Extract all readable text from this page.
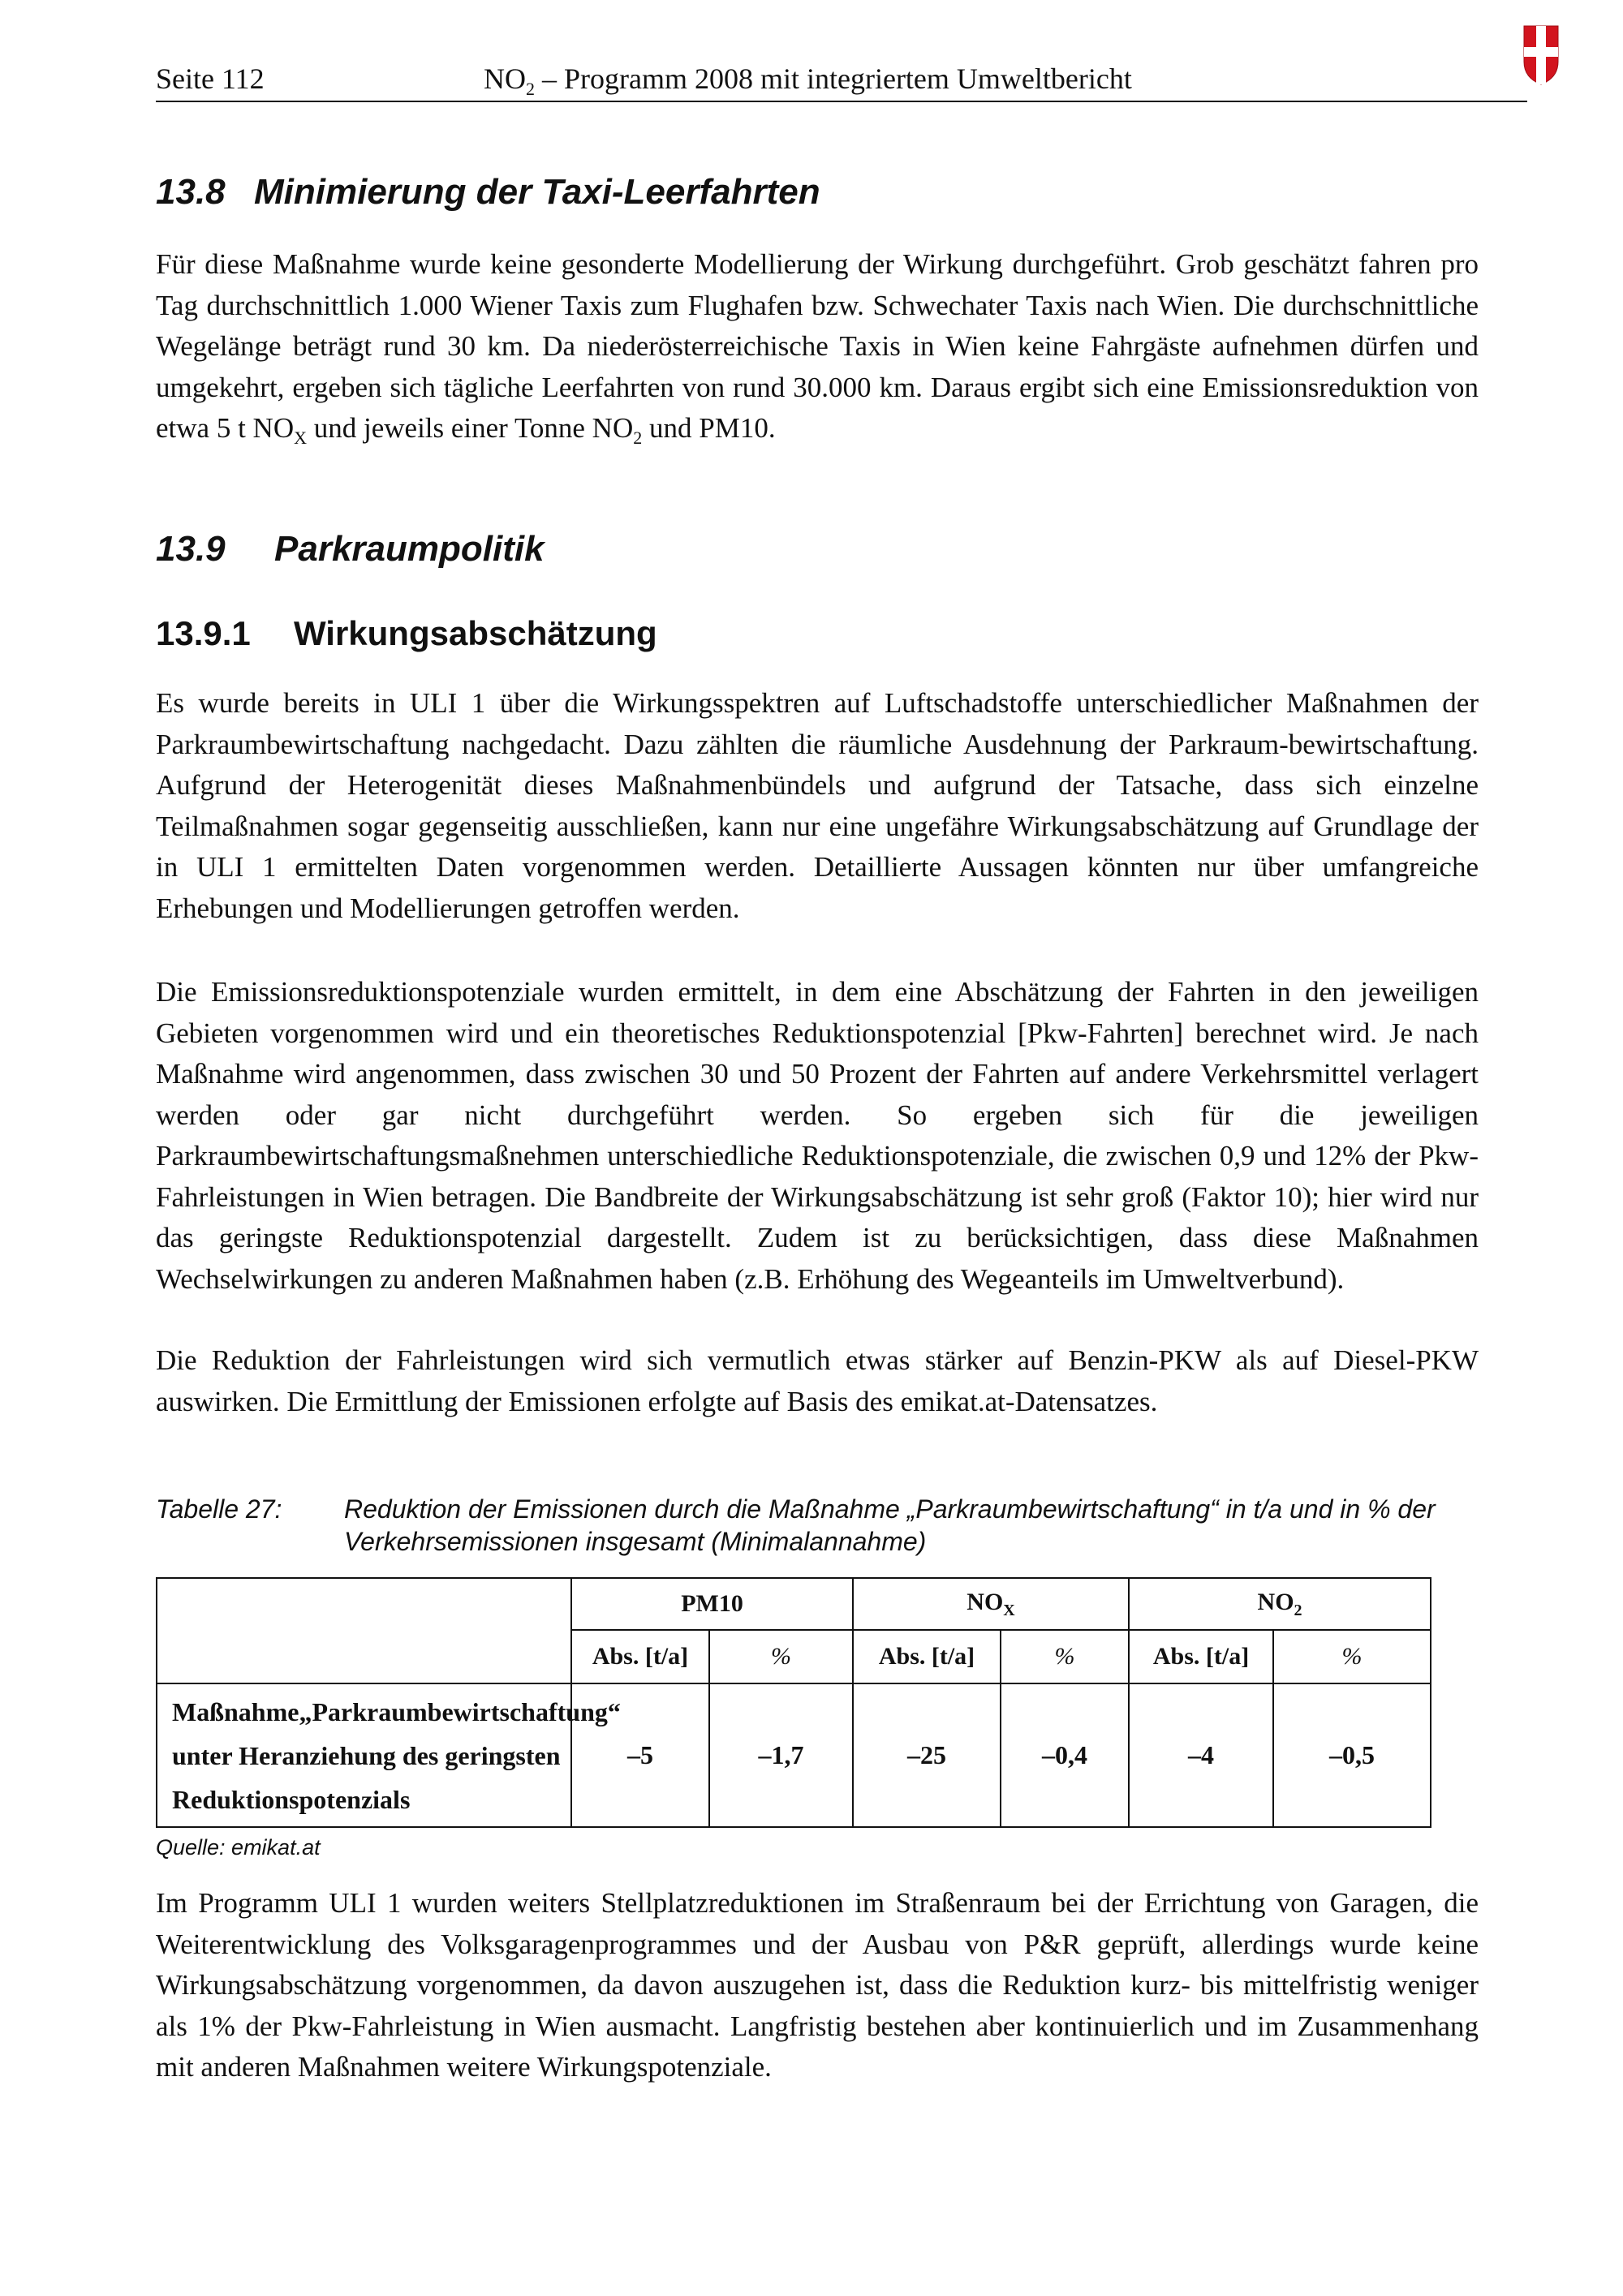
Seite 112	$NO_2$ – Programm 2008 mit integriertem Umweltbericht
13.8 Minimierung der Taxi-Leerfahrten

Für diese Maßnahme wurde keine gesonderte Modellierung der Wirkung durchgeführt. Grob geschätzt fahren pro Tag durchschnittlich 1.000 Wiener Taxis zum Flughafen bzw. Schwechater Taxis nach Wien. Die durchschnittliche Wegelänge beträgt rund 30 km. Da niederösterreichische Taxis in Wien keine Fahrgäste aufnehmen dürfen und umgekehrt, ergeben sich tägliche Leerfahrten von rund 30.000 km. Daraus ergibt sich eine Emissionsreduktion von etwa 5 t $NO_X$ und jeweils einer Tonne $NO_2$ und PM10.

13.9 Parkraumpolitik
13.9.1 Wirkungsabschätzung

Es wurde bereits in ULI 1 über die Wirkungsspektren auf Luftschadstoffe unterschiedlicher Maßnahmen der Parkraumbewirtschaftung nachgedacht. Dazu zählten die räumliche Ausdehnung der Parkraum-bewirtschaftung. Aufgrund der Heterogenität dieses Maßnahmenbündels und aufgrund der Tatsache, dass sich einzelne Teilmaßnahmen sogar gegenseitig ausschließen, kann nur eine ungefähre Wirkungsabschätzung auf Grundlage der in ULI 1 ermittelten Daten vorgenommen werden. Detaillierte Aussagen könnten nur über umfangreiche Erhebungen und Modellierungen getroffen werden.

Die Emissionsreduktionspotenziale wurden ermittelt, in dem eine Abschätzung der Fahrten in den jeweiligen Gebieten vorgenommen wird und ein theoretisches Reduktionspotenzial [Pkw-Fahrten] berechnet wird. Je nach Maßnahme wird angenommen, dass zwischen 30 und 50 Prozent der Fahrten auf andere Verkehrsmittel verlagert werden oder gar nicht durchgeführt werden. So ergeben sich für die jeweiligen Parkraumbewirtschaftungsmaßnehmen unterschiedliche Reduktionspotenziale, die zwischen 0,9 und 12% der Pkw-Fahrleistungen in Wien betragen. Die Bandbreite der Wirkungsabschätzung ist sehr groß (Faktor 10); hier wird nur das geringste Reduktionspotenzial dargestellt. Zudem ist zu berücksichtigen, dass diese Maßnahmen Wechselwirkungen zu anderen Maßnahmen haben (z.B. Erhöhung des Wegeanteils im Umweltverbund).

Die Reduktion der Fahrleistungen wird sich vermutlich etwas stärker auf Benzin-PKW als auf Diesel-PKW auswirken. Die Ermittlung der Emissionen erfolgte auf Basis des emikat.at-Datensatzes.

Tabelle 27: Reduktion der Emissionen durch die Maßnahme „Parkraumbewirtschaftung“ in t/a und in % der Verkehrsemissionen insgesamt (Minimalannahme)
	PM10		$NO_X$		$NO_2$
	Abs. [t/a]	%	Abs. [t/a]	%	Abs. [t/a]	%
Maßnahme„Parkraumbewirtschaftung“
unter Heranziehung des geringsten
Reduktionspotenzials	–5	–1,7	–25	–0,4	–4	–0,5
Quelle: emikat.at

Im Programm ULI 1 wurden weiters Stellplatzreduktionen im Straßenraum bei der Errichtung von Garagen, die Weiterentwicklung des Volksgaragenprogrammes und der Ausbau von P&R geprüft, allerdings wurde keine Wirkungsabschätzung vorgenommen, da davon auszugehen ist, dass die Reduktion kurz- bis mittelfristig weniger als 1% der Pkw-Fahrleistung in Wien ausmacht. Langfristig bestehen aber kontinuierlich und im Zusammenhang mit anderen Maßnahmen weitere Wirkungspotenziale.
